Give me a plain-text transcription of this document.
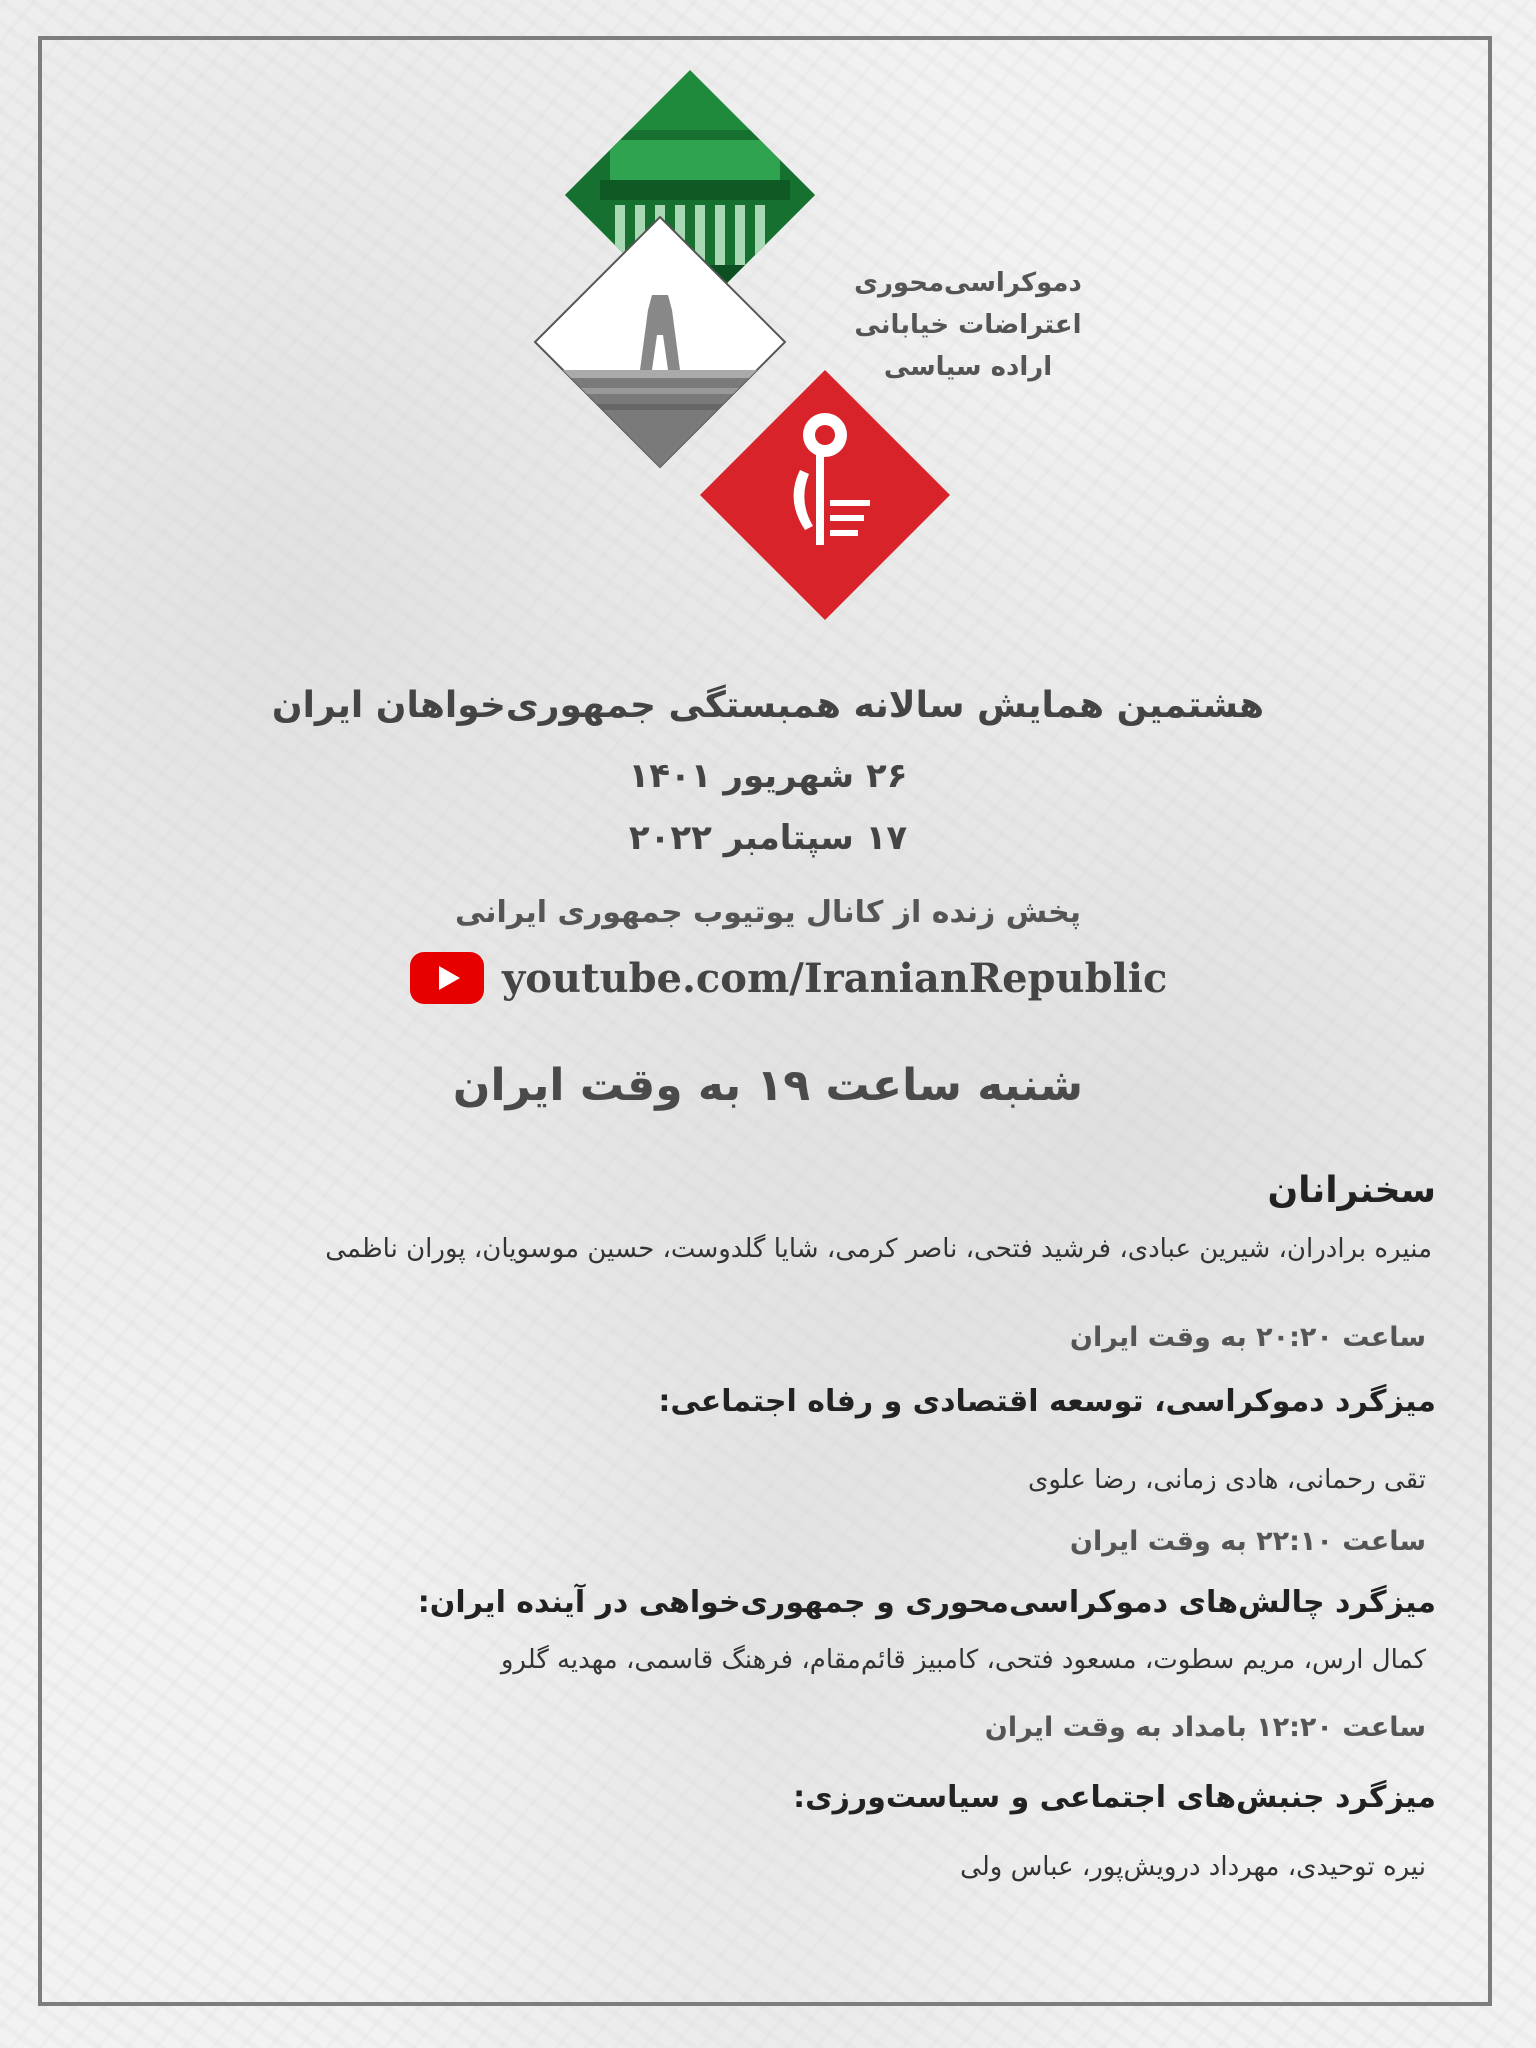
دموکراسی‌محوری
اعتراضات خیابانی
اراده سیاسی
هشتمین همایش سالانه همبستگی جمهوری‌خواهان ایران
۲۶ شهریور ۱۴۰۱
۱۷ سپتامبر ۲۰۲۲
پخش زنده از کانال یوتیوب جمهوری ایرانی
youtube.com/IranianRepublic
شنبه ساعت ۱۹ به وقت ایران
سخنرانان
منیره برادران، شیرین عبادی، فرشید فتحی، ناصر کرمی، شایا گلدوست، حسین موسویان، پوران ناظمی
ساعت ۲۰:۲۰ به وقت ایران
میزگرد دموکراسی، توسعه اقتصادی و رفاه اجتماعی:
تقی رحمانی، هادی زمانی، رضا علوی
ساعت ۲۲:۱۰ به وقت ایران
میزگرد چالش‌های دموکراسی‌محوری و جمهوری‌خواهی در آینده ایران:
کمال ارس، مریم سطوت، مسعود فتحی، کامبیز قائم‌مقام، فرهنگ قاسمی، مهدیه گلرو
ساعت ۱۲:۲۰ بامداد به وقت ایران
میزگرد جنبش‌های اجتماعی و سیاست‌ورزی:
نیره توحیدی، مهرداد درویش‌پور، عباس ولی
